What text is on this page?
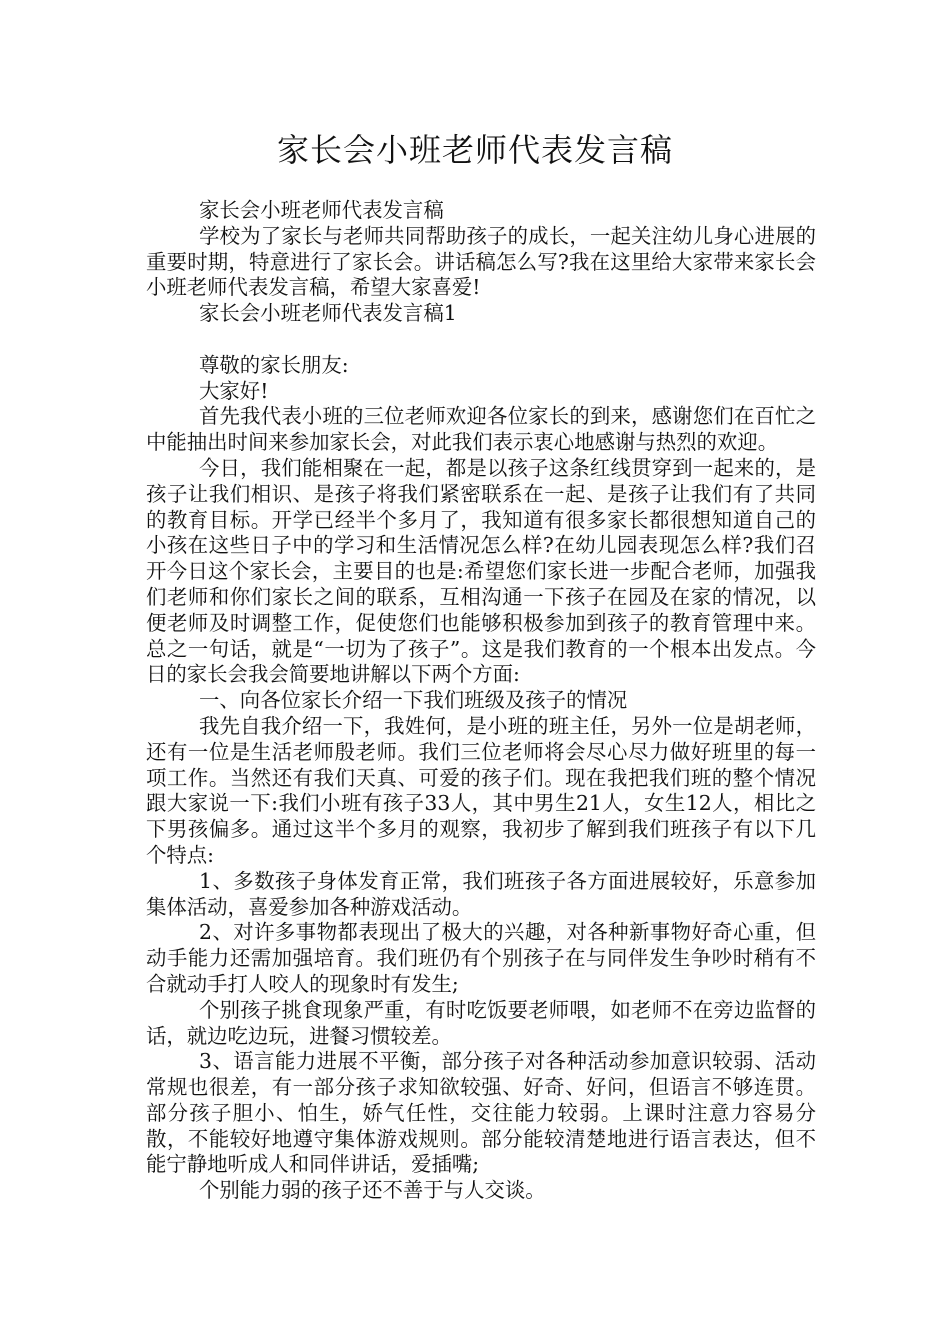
家长会小班老师代表发言稿

家长会小班老师代表发言稿

学校为了家长与老师共同帮助孩子的成长，一起关注幼儿身心进展的重要时期，特意进行了家长会。讲话稿怎么写?我在这里给大家带来家长会小班老师代表发言稿，希望大家喜爱!

家长会小班老师代表发言稿1

尊敬的家长朋友:

大家好!

首先我代表小班的三位老师欢迎各位家长的到来，感谢您们在百忙之中能抽出时间来参加家长会，对此我们表示衷心地感谢与热烈的欢迎。

今日，我们能相聚在一起，都是以孩子这条红线贯穿到一起来的，是孩子让我们相识、是孩子将我们紧密联系在一起、是孩子让我们有了共同的教育目标。开学已经半个多月了，我知道有很多家长都很想知道自己的小孩在这些日子中的学习和生活情况怎么样?在幼儿园表现怎么样?我们召开今日这个家长会，主要目的也是:希望您们家长进一步配合老师，加强我们老师和你们家长之间的联系，互相沟通一下孩子在园及在家的情况，以便老师及时调整工作，促使您们也能够积极参加到孩子的教育管理中来。总之一句话，就是“一切为了孩子”。这是我们教育的一个根本出发点。今日的家长会我会简要地讲解以下两个方面:

一、向各位家长介绍一下我们班级及孩子的情况

我先自我介绍一下，我姓何，是小班的班主任，另外一位是胡老师，还有一位是生活老师殷老师。我们三位老师将会尽心尽力做好班里的每一项工作。当然还有我们天真、可爱的孩子们。现在我把我们班的整个情况跟大家说一下:我们小班有孩子33人，其中男生21人，女生12人，相比之下男孩偏多。通过这半个多月的观察，我初步了解到我们班孩子有以下几个特点:

1、多数孩子身体发育正常，我们班孩子各方面进展较好，乐意参加集体活动，喜爱参加各种游戏活动。

2、对许多事物都表现出了极大的兴趣，对各种新事物好奇心重，但动手能力还需加强培育。我们班仍有个别孩子在与同伴发生争吵时稍有不合就动手打人咬人的现象时有发生;

个别孩子挑食现象严重，有时吃饭要老师喂，如老师不在旁边监督的话，就边吃边玩，进餐习惯较差。

3、语言能力进展不平衡，部分孩子对各种活动参加意识较弱、活动常规也很差，有一部分孩子求知欲较强、好奇、好问，但语言不够连贯。部分孩子胆小、怕生，娇气任性，交往能力较弱。上课时注意力容易分散，不能较好地遵守集体游戏规则。部分能较清楚地进行语言表达，但不能宁静地听成人和同伴讲话，爱插嘴;

个别能力弱的孩子还不善于与人交谈。
